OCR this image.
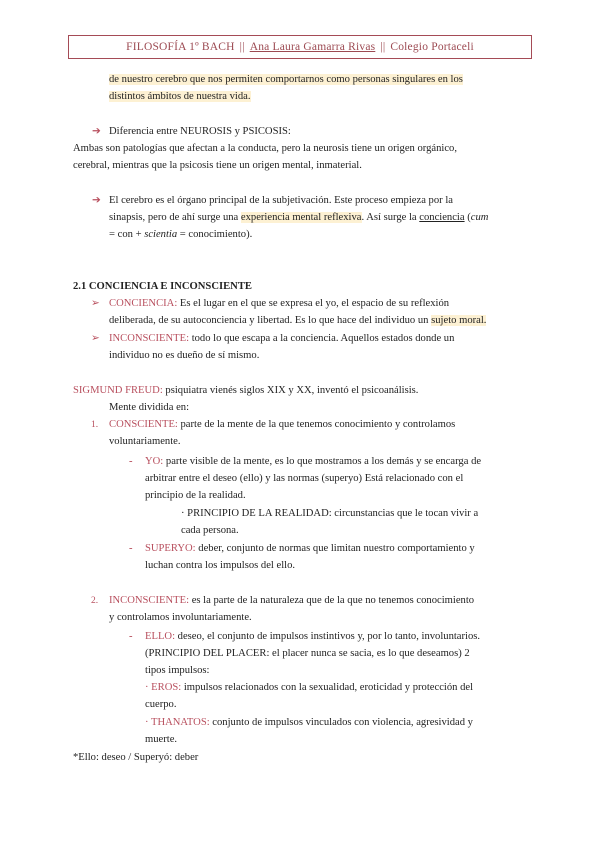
FILOSOFÍA 1º BACH || Ana Laura Gamarra Rivas || Colegio Portaceli
de nuestro cerebro que nos permiten comportarnos como personas singulares en los
distintos ámbitos de nuestra vida.
➔ Diferencia entre NEUROSIS y PSICOSIS:
Ambas son patologías que afectan a la conducta, pero la neurosis tiene un origen orgánico,
cerebral, mientras que la psicosis tiene un origen mental, inmaterial.
➔ El cerebro es el órgano principal de la subjetivación. Este proceso empieza por la
sinapsis, pero de ahí surge una experiencia mental reflexiva. Así surge la conciencia (cum
= con + scientia = conocimiento).
2.1 CONCIENCIA E INCONSCIENTE
➢ CONCIENCIA: Es el lugar en el que se expresa el yo, el espacio de su reflexión
deliberada, de su autoconciencia y libertad. Es lo que hace del individuo un sujeto moral.
➢ INCONSCIENTE: todo lo que escapa a la conciencia. Aquellos estados donde un
individuo no es dueño de sí mismo.
SIGMUND FREUD: psiquiatra vienés siglos XIX y XX, inventó el psicoanálisis.
Mente dividida en:
1. CONSCIENTE: parte de la mente de la que tenemos conocimiento y controlamos
voluntariamente.
- YO: parte visible de la mente, es lo que mostramos a los demás y se encarga de
arbitrar entre el deseo (ello) y las normas (superyo) Está relacionado con el
principio de la realidad.
· PRINCIPIO DE LA REALIDAD: circunstancias que le tocan vivir a
cada persona.
- SUPERYO: deber, conjunto de normas que limitan nuestro comportamiento y
luchan contra los impulsos del ello.
2. INCONSCIENTE: es la parte de la naturaleza que de la que no tenemos conocimiento
y controlamos involuntariamente.
- ELLO: deseo, el conjunto de impulsos instintivos y, por lo tanto, involuntarios.
(PRINCIPIO DEL PLACER: el placer nunca se sacia, es lo que deseamos) 2
tipos impulsos:
· EROS: impulsos relacionados con la sexualidad, eroticidad y protección del
cuerpo.
· THANATOS: conjunto de impulsos vinculados con violencia, agresividad y
muerte.
*Ello: deseo / Superyó: deber
